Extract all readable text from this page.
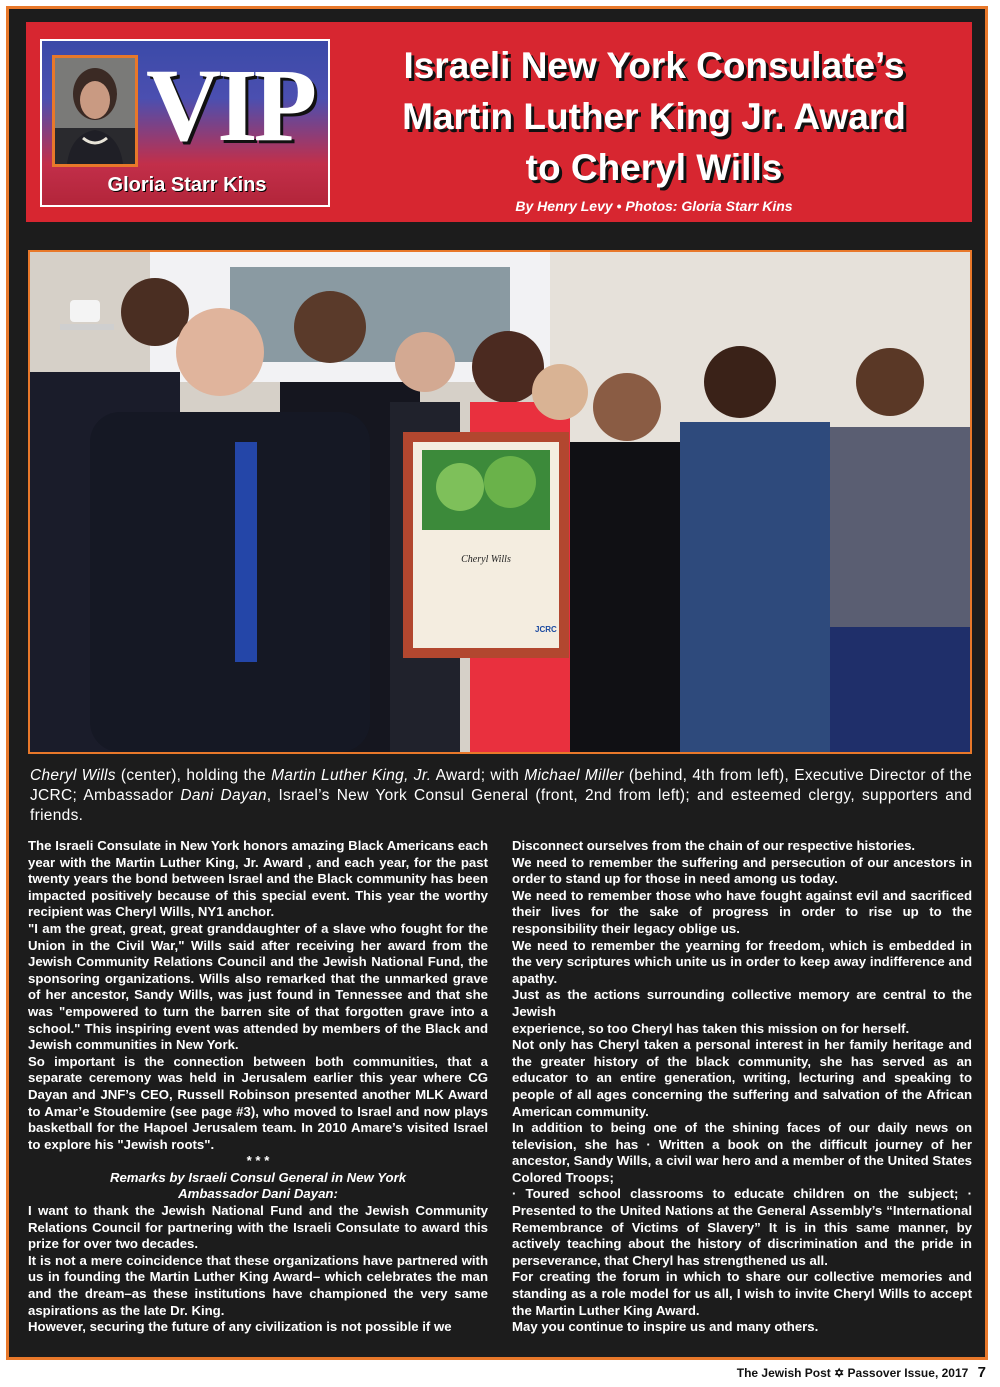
VIP
Gloria Starr Kins
Israeli New York Consulate’s
Martin Luther King Jr. Award
to Cheryl Wills
By Henry Levy • Photos: Gloria Starr Kins
Cheryl Wills
JCRC
Cheryl Wills (center), holding the Martin Luther King, Jr. Award; with Michael Miller (behind, 4th from left), Executive Director of the JCRC; Ambassador Dani Dayan, Israel’s New York Consul General (front, 2nd from left); and esteemed clergy, supporters and friends.

The Israeli Consulate in New York honors amazing Black Americans each year with the Martin Luther King, Jr. Award , and each year, for the past twenty years the bond between Israel and the Black community has been impacted positively because of this special event. This year the worthy recipient was Cheryl Wills, NY1 anchor.

"I am the great, great, great granddaughter of a slave who fought for the Union in the Civil War," Wills said after receiving her award from the Jewish Community Relations Council and the Jewish National Fund, the sponsoring organizations. Wills also remarked that the unmarked grave of her ancestor, Sandy Wills, was just found in Tennessee and that she was "empowered to turn the barren site of that forgotten grave into a school." This inspiring event was attended by members of the Black and Jewish communities in New York.

So important is the connection between both communities, that a separate ceremony was held in Jerusalem earlier this year where CG Dayan and JNF’s CEO, Russell Robinson presented another MLK Award to Amar’e Stoudemire (see page #3), who moved to Israel and now plays basketball for the Hapoel Jerusalem team. In 2010 Amare’s visited Israel to explore his "Jewish roots".

* * *

Remarks by Israeli Consul General in New York

Ambassador Dani Dayan:

I want to thank the Jewish National Fund and the Jewish Community Relations Council for partnering with the Israeli Consulate to award this prize for over two decades.

It is not a mere coincidence that these organizations have partnered with us in founding the Martin Luther King Award– which celebrates the man and the dream–as these institutions have championed the very same aspirations as the late Dr. King.

However, securing the future of any civilization is not possible if we

Disconnect ourselves from the chain of our respective histories.

We need to remember the suffering and persecution of our ancestors in order to stand up for those in need among us today.

We need to remember those who have fought against evil and sacrificed their lives for the sake of progress in order to rise up to the responsibility their legacy oblige us.

We need to remember the yearning for freedom, which is embedded in the very scriptures which unite us in order to keep away indifference and apathy.

Just as the actions surrounding collective memory are central to the Jewish

experience, so too Cheryl has taken this mission on for herself.

Not only has Cheryl taken a personal interest in her family heritage and the greater history of the black community, she has served as an educator to an entire generation, writing, lecturing and speaking to people of all ages concerning the suffering and salvation of the African American community.

In addition to being one of the shining faces of our daily news on television, she has · Written a book on the difficult journey of her ancestor, Sandy Wills, a civil war hero and a member of the United States Colored Troops;

· Toured school classrooms to educate children on the subject; · Presented to the United Nations at the General Assembly’s “International Remembrance of Victims of Slavery” It is in this same manner, by actively teaching about the history of discrimination and the pride in perseverance, that Cheryl has strengthened us all.

For creating the forum in which to share our collective memories and standing as a role model for us all, I wish to invite Cheryl Wills to accept the Martin Luther King Award.

May you continue to inspire us and many others.

The Jewish Post ✡ Passover Issue, 2017 7
